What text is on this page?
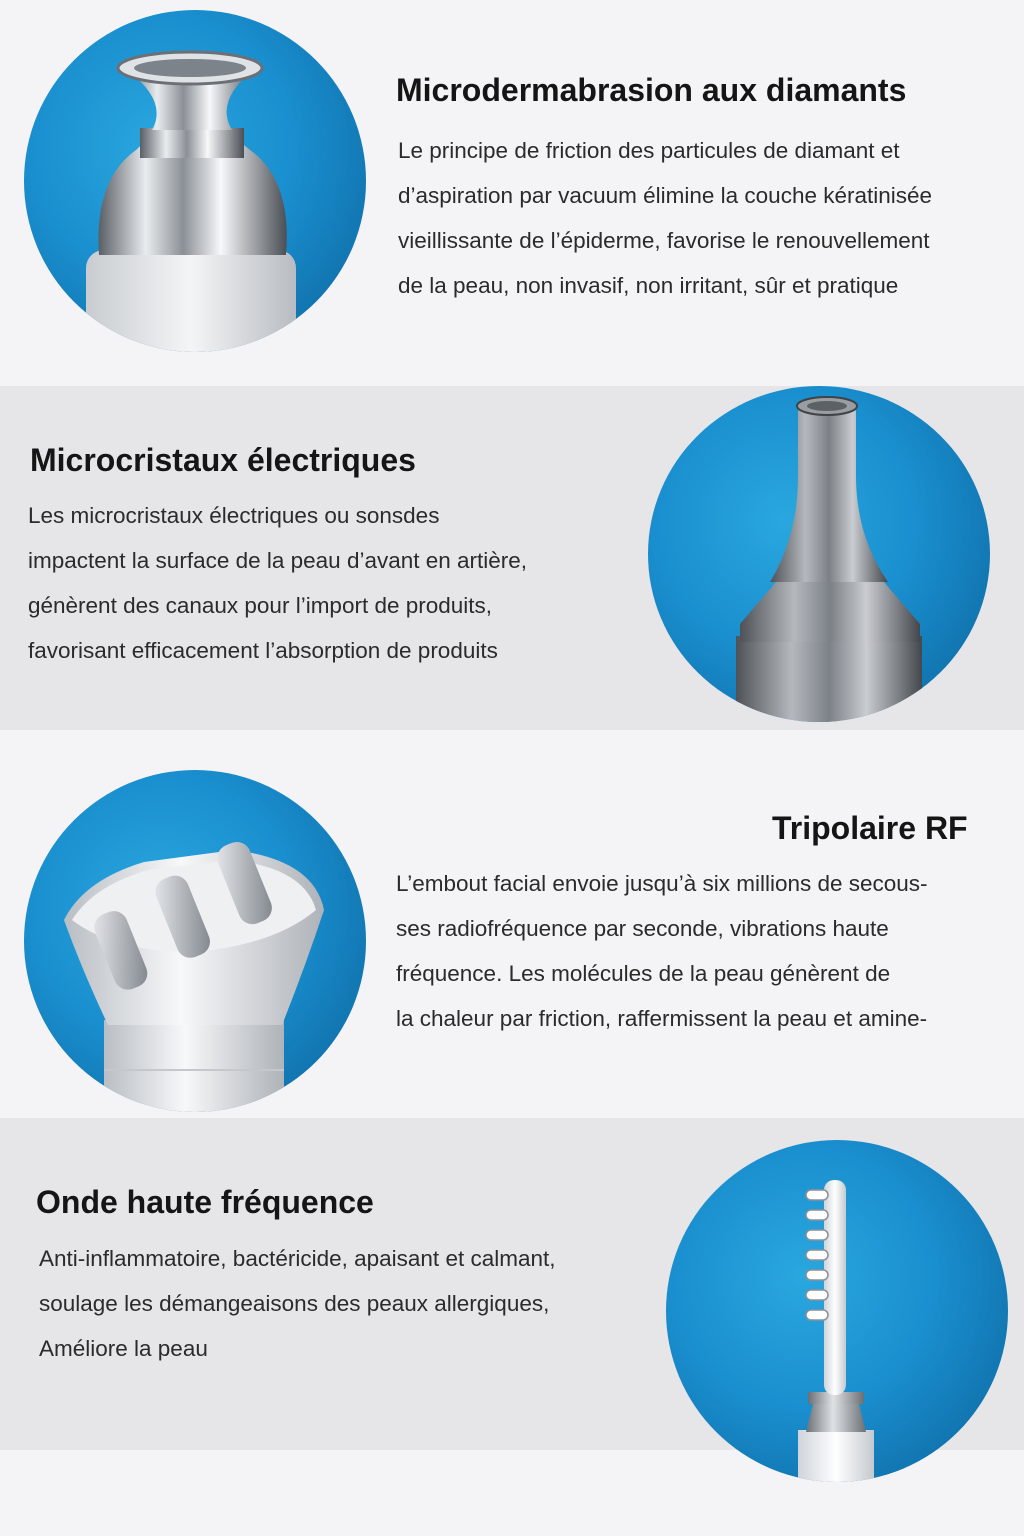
Microdermabrasion aux diamants

Le principe de friction des particules de diamant et

d’aspiration par vacuum élimine la couche kératinisée

vieillissante de l’épiderme, favorise le renouvellement

de la peau, non invasif, non irritant, sûr et pratique

Microcristaux électriques

Les microcristaux électriques ou sonsdes

impactent la surface de la peau d’avant en artière,

génèrent des canaux pour l’import de produits,

favorisant efficacement l’absorption de produits

Tripolaire RF

L’embout facial envoie jusqu’à six millions de secous-

ses radiofréquence par seconde, vibrations haute

fréquence. Les molécules de la peau génèrent de

la chaleur par friction, raffermissent la peau et amine-

Onde haute fréquence

Anti-inflammatoire, bactéricide, apaisant et calmant,

soulage les démangeaisons des peaux allergiques,

Améliore la peau
